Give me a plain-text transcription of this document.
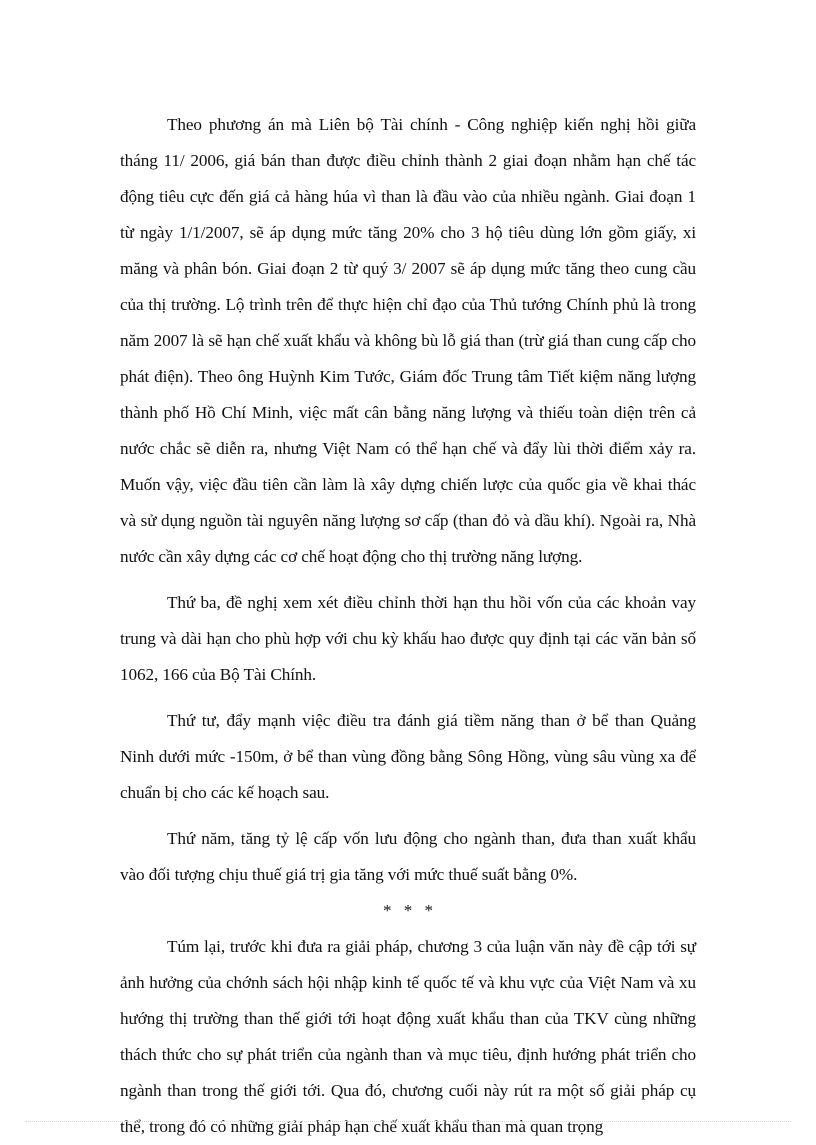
Theo phương án mà Liên bộ Tài chính - Công nghiệp kiến nghị hồi giữa tháng 11/ 2006, giá bán than được điều chỉnh thành 2 giai đoạn nhằm hạn chế tác động tiêu cực đến giá cả hàng húa vì than là đầu vào của nhiều ngành. Giai đoạn 1 từ ngày 1/1/2007, sẽ áp dụng mức tăng 20% cho 3 hộ tiêu dùng lớn gồm giấy, xi măng và phân bón. Giai đoạn 2 từ quý 3/ 2007 sẽ áp dụng mức tăng theo cung cầu của thị trường. Lộ trình trên để thực hiện chỉ đạo của Thủ tướng Chính phủ là trong năm 2007 là sẽ hạn chế xuất khẩu và không bù lỗ giá than (trừ giá than cung cấp cho phát điện). Theo ông Huỳnh Kim Tước, Giám đốc Trung tâm Tiết kiệm năng lượng thành phố Hồ Chí Minh, việc mất cân bằng năng lượng và thiếu toàn diện trên cả nước chắc sẽ diễn ra, nhưng Việt Nam có thể hạn chế và đẩy lùi thời điểm xảy ra. Muốn vậy, việc đầu tiên cần làm là xây dựng chiến lược của quốc gia về khai thác và sử dụng nguồn tài nguyên năng lượng sơ cấp (than đỏ và dầu khí). Ngoài ra, Nhà nước cần xây dựng các cơ chế hoạt động cho thị trường năng lượng.

Thứ ba, đề nghị xem xét điều chỉnh thời hạn thu hồi vốn của các khoản vay trung và dài hạn cho phù hợp với chu kỳ khấu hao được quy định tại các văn bản số 1062, 166 của Bộ Tài Chính.

Thứ tư, đẩy mạnh việc điều tra đánh giá tiềm năng than ở bể than Quảng Ninh dưới mức -150m, ở bể than vùng đồng bằng Sông Hồng, vùng sâu vùng xa để chuẩn bị cho các kế hoạch sau.

Thứ năm, tăng tỷ lệ cấp vốn lưu động cho ngành than, đưa than xuất khẩu vào đối tượng chịu thuế giá trị gia tăng với mức thuế suất bằng 0%.

* * *

Túm lại, trước khi đưa ra giải pháp, chương 3 của luận văn này đề cập tới sự ảnh hưởng của chớnh sách hội nhập kinh tế quốc tế và khu vực của Việt Nam và xu hướng thị trường than thế giới tới hoạt động xuất khẩu than của TKV cùng những thách thức cho sự phát triển của ngành than và mục tiêu, định hướng phát triển cho ngành than trong thế giới tới. Qua đó, chương cuối này rút ra một số giải pháp cụ thể, trong đó có những giải pháp hạn chế xuất khẩu than mà quan trọng
